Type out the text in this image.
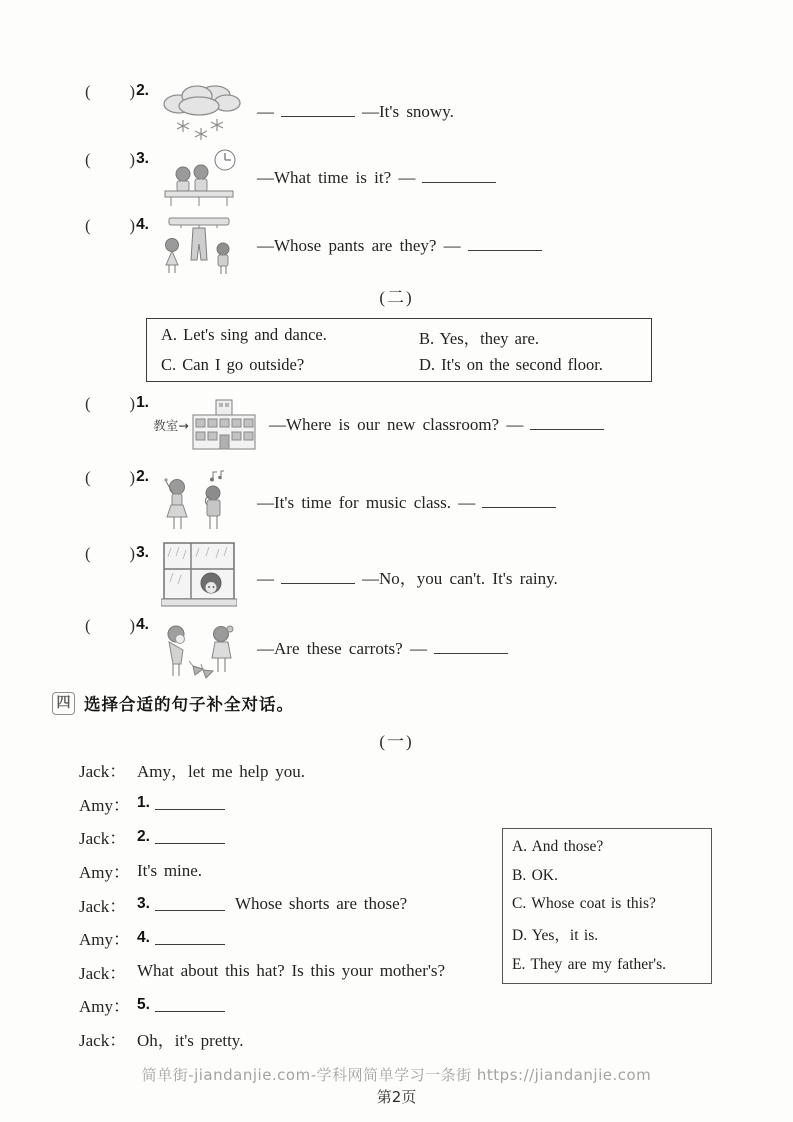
( ) 2.
—	—It's snowy.
( ) 3.
—What time is it? —
( ) 4.
—Whose pants are they? —
(二)
A. Let's sing and dance.	B. Yes，they are.
C. Can I go outside?	D. It's on the second floor.
( ) 1.
教室→	—Where is our new classroom? —
( ) 2.
—It's time for music class. —
( ) 3.
—	—No，you can't. It's rainy.
( ) 4.
—Are these carrots? —
四 选择合适的句子补全对话。
(一)
Jack： Amy，let me help you.
Amy： 1.
Jack： 2.
Amy： It's mine.
Jack： 3.	Whose shorts are those?
Amy： 4.
Jack： What about this hat? Is this your mother's?
Amy： 5.
Jack： Oh，it's pretty.
A. And those?
B. OK.
C. Whose coat is this?
D. Yes，it is.
E. They are my father's.
简单街-jiandanjie.com-学科网简单学习一条街 https://jiandanjie.com
第2页
